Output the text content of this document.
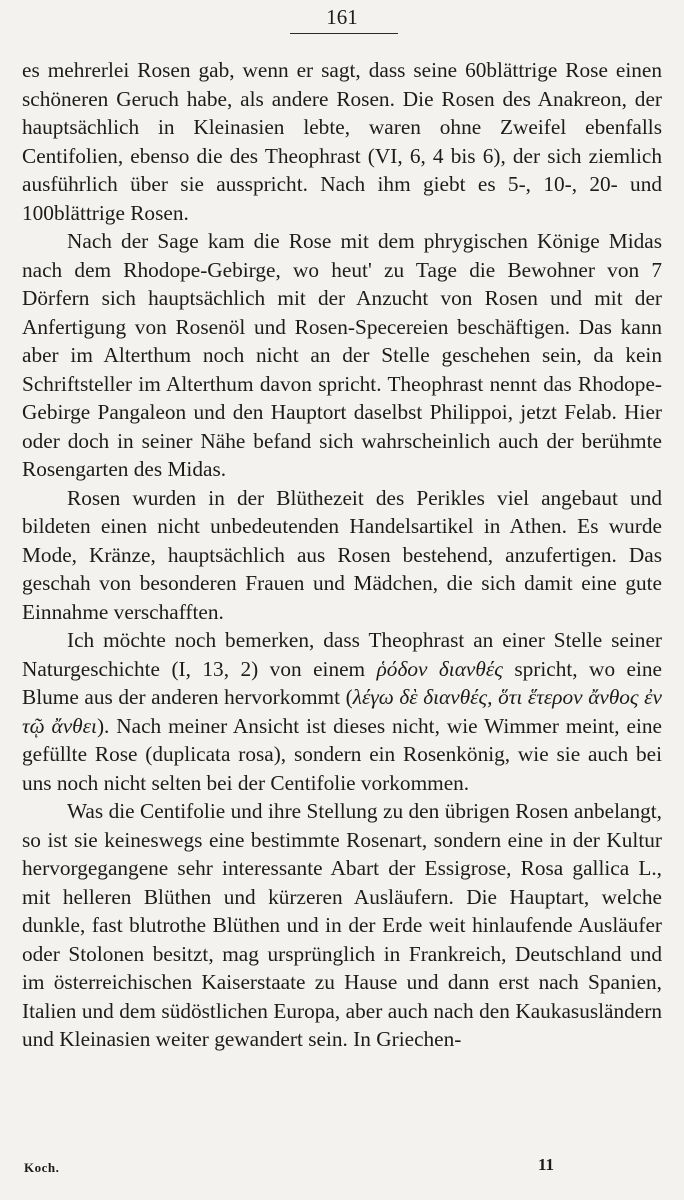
161

es mehrerlei Rosen gab, wenn er sagt, dass seine 60blättrige Rose einen schöneren Geruch habe, als andere Rosen. Die Rosen des Anakreon, der hauptsächlich in Kleinasien lebte, waren ohne Zweifel ebenfalls Centifolien, ebenso die des Theophrast (VI, 6, 4 bis 6), der sich ziemlich ausführlich über sie ausspricht. Nach ihm giebt es 5-, 10-, 20- und 100blättrige Rosen.

Nach der Sage kam die Rose mit dem phrygischen Könige Midas nach dem Rhodope-Gebirge, wo heut' zu Tage die Bewohner von 7 Dörfern sich hauptsächlich mit der Anzucht von Rosen und mit der Anfertigung von Rosenöl und Rosen-Specereien beschäftigen. Das kann aber im Alterthum noch nicht an der Stelle geschehen sein, da kein Schriftsteller im Alterthum davon spricht. Theophrast nennt das Rhodope-Gebirge Pangaleon und den Hauptort daselbst Philippoi, jetzt Felab. Hier oder doch in seiner Nähe befand sich wahrscheinlich auch der berühmte Rosengarten des Midas.

Rosen wurden in der Blüthezeit des Perikles viel angebaut und bildeten einen nicht unbedeutenden Handelsartikel in Athen. Es wurde Mode, Kränze, hauptsächlich aus Rosen bestehend, anzufertigen. Das geschah von besonderen Frauen und Mädchen, die sich damit eine gute Einnahme verschafften.

Ich möchte noch bemerken, dass Theophrast an einer Stelle seiner Naturgeschichte (I, 13, 2) von einem ῥόδον διανθές spricht, wo eine Blume aus der anderen hervorkommt (λέγω δὲ διανθές, ὅτι ἕτερον ἄνθος ἐν τῷ ἄνθει). Nach meiner Ansicht ist dieses nicht, wie Wimmer meint, eine gefüllte Rose (duplicata rosa), sondern ein Rosenkönig, wie sie auch bei uns noch nicht selten bei der Centifolie vorkommen.

Was die Centifolie und ihre Stellung zu den übrigen Rosen anbelangt, so ist sie keineswegs eine bestimmte Rosenart, sondern eine in der Kultur hervorgegangene sehr interessante Abart der Essigrose, Rosa gallica L., mit helleren Blüthen und kürzeren Ausläufern. Die Hauptart, welche dunkle, fast blutrothe Blüthen und in der Erde weit hinlaufende Ausläufer oder Stolonen besitzt, mag ursprünglich in Frankreich, Deutschland und im österreichischen Kaiserstaate zu Hause und dann erst nach Spanien, Italien und dem südöstlichen Europa, aber auch nach den Kaukasusländern und Kleinasien weiter gewandert sein. In Griechen-

Koch.	11
